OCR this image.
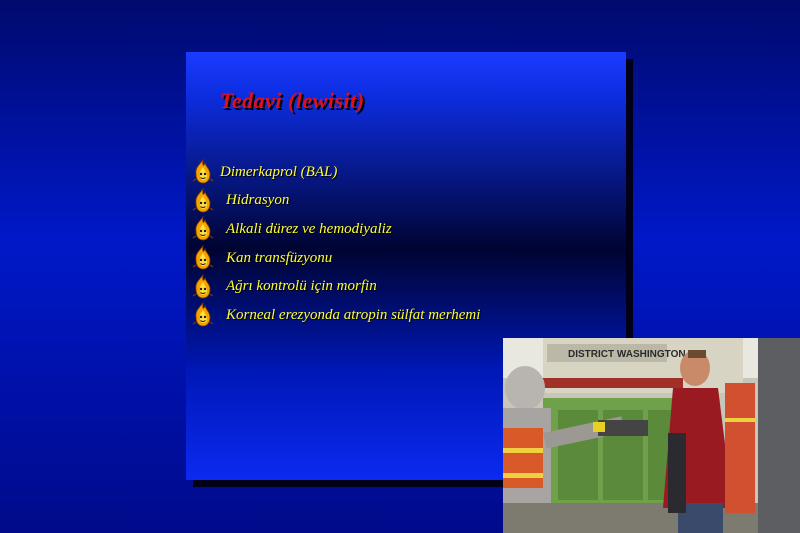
Tedavi (lewisit)
Dimerkaprol (BAL)
Hidrasyon
Alkali dürez ve hemodiyaliz
Kan transfüzyonu
Ağrı kontrolü için morfin
Korneal erezyonda atropin sülfat merhemi
DISTRICT WASHINGTON
